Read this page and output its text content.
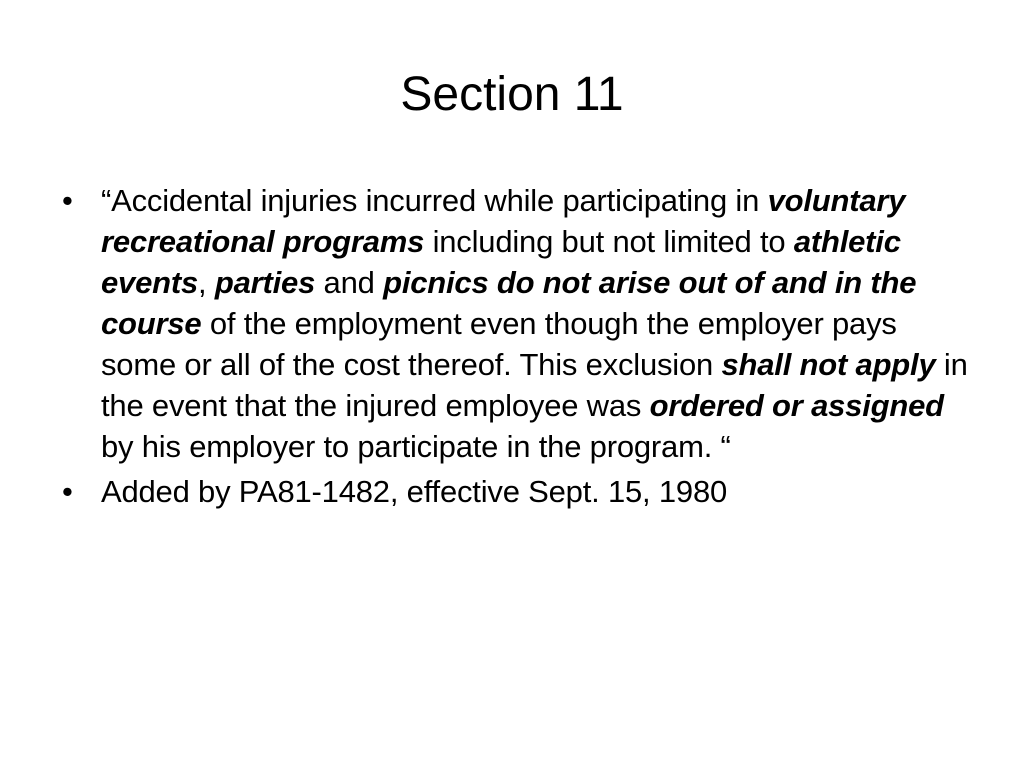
Section 11
• “Accidental injuries incurred while participating in voluntary recreational programs including but not limited to athletic events, parties and picnics do not arise out of and in the course of the employment even though the employer pays some or all of the cost thereof. This exclusion shall not apply in the event that the injured employee was ordered or assigned by his employer to participate in the program. “
• Added by PA81-1482, effective Sept. 15, 1980
